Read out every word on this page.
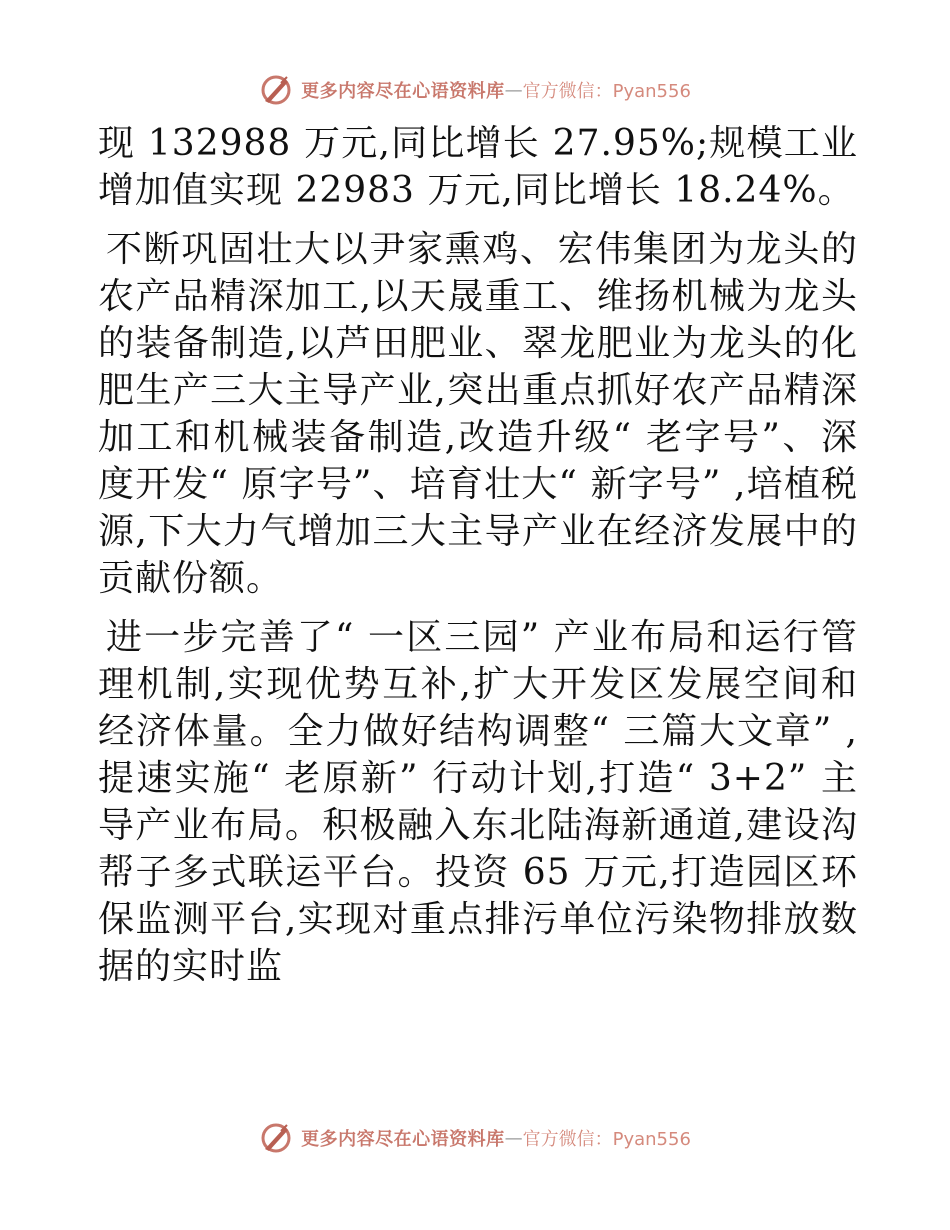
更多内容尽在心语资料库 — 官方微信：Pyan556

现 132988 万元,同比增长 27.95%;规模工业增加值实现 22983 万元,同比增长 18.24%。

不断巩固壮大以尹家熏鸡、宏伟集团为龙头的农产品精深加工,以天晟重工、维扬机械为龙头的装备制造,以芦田肥业、翠龙肥业为龙头的化肥生产三大主导产业,突出重点抓好农产品精深加工和机械装备制造,改造升级“ 老字号”、深度开发“ 原字号”、培育壮大“ 新字号” ,培植税源,下大力气增加三大主导产业在经济发展中的贡献份额。

进一步完善了“ 一区三园” 产业布局和运行管理机制,实现优势互补,扩大开发区发展空间和经济体量。全力做好结构调整“ 三篇大文章” ,提速实施“ 老原新” 行动计划,打造“ 3+2” 主导产业布局。积极融入东北陆海新通道,建设沟帮子多式联运平台。投资 65 万元,打造园区环保监测平台,实现对重点排污单位污染物排放数据的实时监

更多内容尽在心语资料库 — 官方微信：Pyan556
